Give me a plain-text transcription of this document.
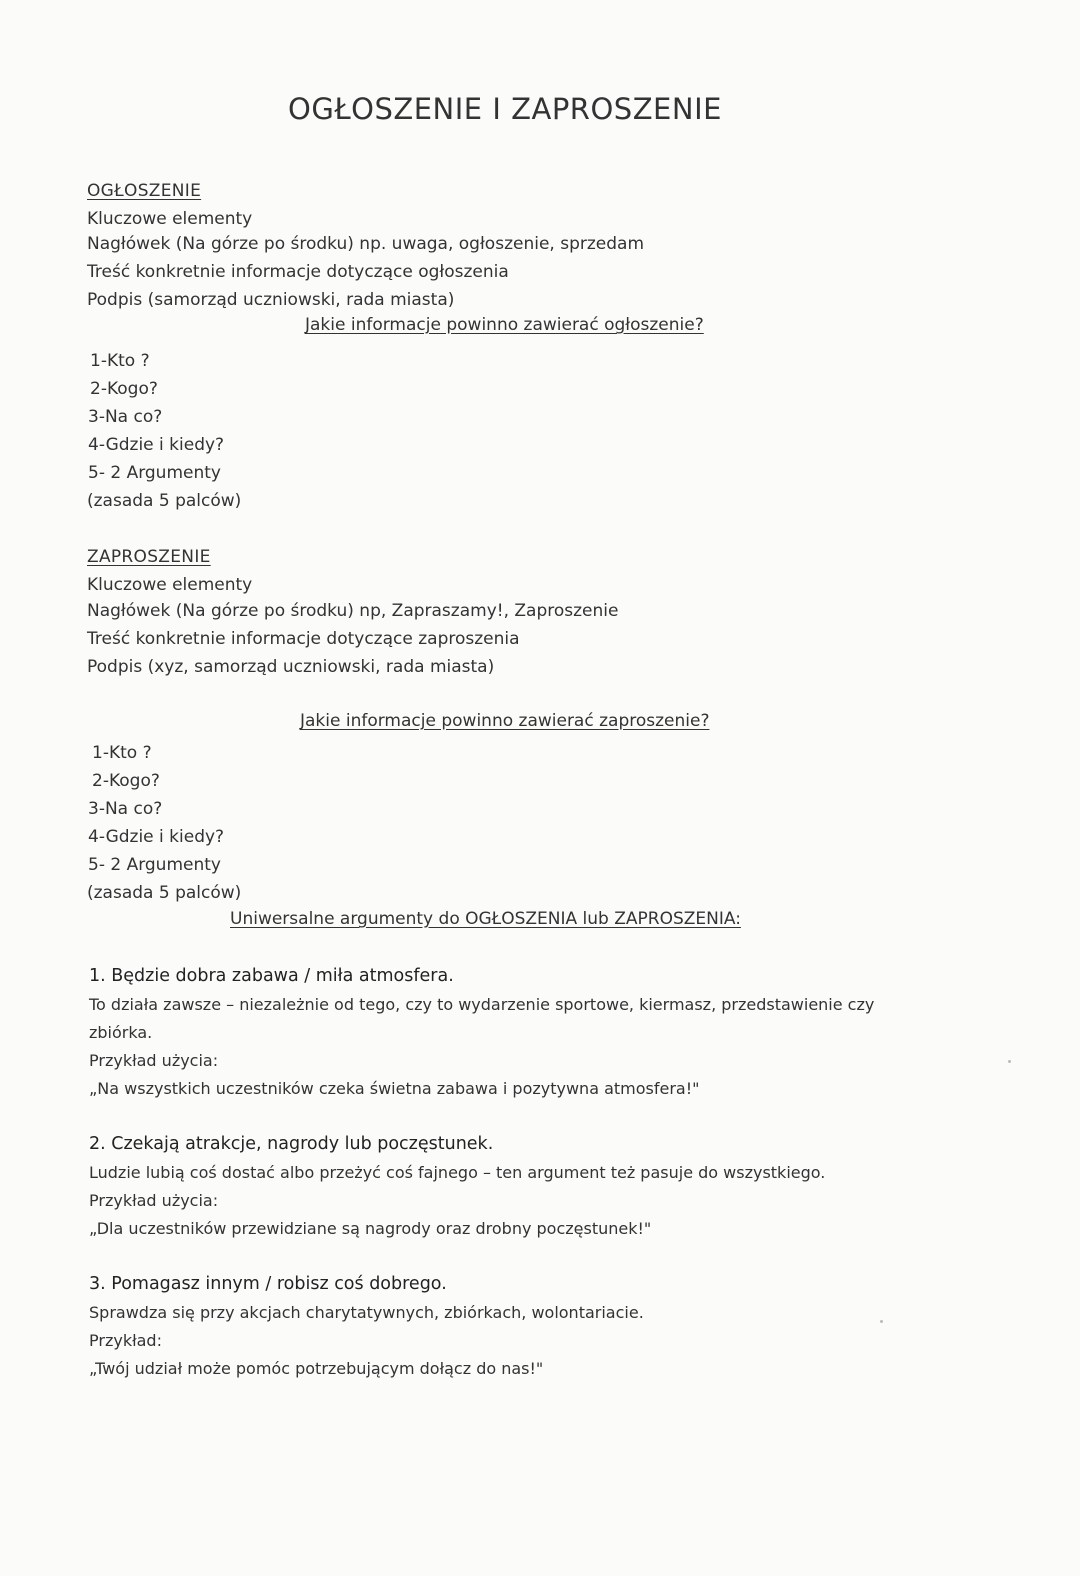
OGŁOSZENIE I ZAPROSZENIE
OGŁOSZENIE
Kluczowe elementy
Nagłówek (Na górze po środku) np. uwaga, ogłoszenie, sprzedam
Treść konkretnie informacje dotyczące ogłoszenia
Podpis (samorząd uczniowski, rada miasta)
Jakie informacje powinno zawierać ogłoszenie?
1-Kto ?
2-Kogo?
3-Na co?
4-Gdzie i kiedy?
5- 2 Argumenty
(zasada 5 palców)
ZAPROSZENIE
Kluczowe elementy
Nagłówek (Na górze po środku) np, Zapraszamy!, Zaproszenie
Treść konkretnie informacje dotyczące zaproszenia
Podpis (xyz, samorząd uczniowski, rada miasta)
Jakie informacje powinno zawierać zaproszenie?
1-Kto ?
2-Kogo?
3-Na co?
4-Gdzie i kiedy?
5- 2 Argumenty
(zasada 5 palców)
Uniwersalne argumenty do OGŁOSZENIA lub ZAPROSZENIA:
1. Będzie dobra zabawa / miła atmosfera.
To działa zawsze – niezależnie od tego, czy to wydarzenie sportowe, kiermasz, przedstawienie czy
zbiórka.
Przykład użycia:
„Na wszystkich uczestników czeka świetna zabawa i pozytywna atmosfera!"
2. Czekają atrakcje, nagrody lub poczęstunek.
Ludzie lubią coś dostać albo przeżyć coś fajnego – ten argument też pasuje do wszystkiego.
Przykład użycia:
„Dla uczestników przewidziane są nagrody oraz drobny poczęstunek!"
3. Pomagasz innym / robisz coś dobrego.
Sprawdza się przy akcjach charytatywnych, zbiórkach, wolontariacie.
Przykład:
„Twój udział może pomóc potrzebującym dołącz do nas!"
